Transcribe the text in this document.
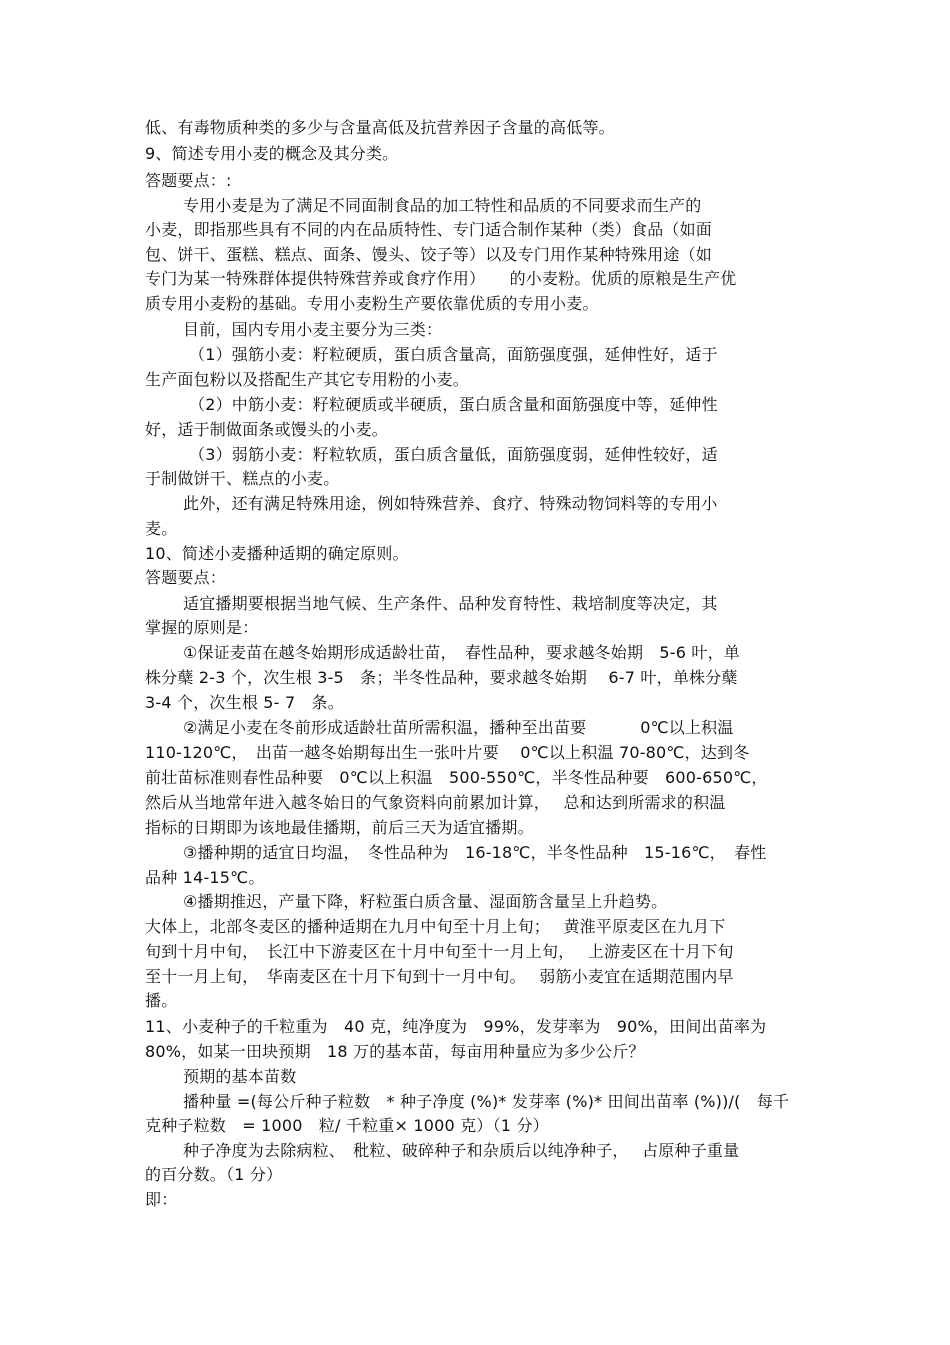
低、有毒物质种类的多少与含量高低及抗营养因子含量的高低等。
9、简述专用小麦的概念及其分类。
答题要点：:
专用小麦是为了满足不同面制食品的加工特性和品质的不同要求而生产的
小麦，即指那些具有不同的内在品质特性、专门适合制作某种（类）食品（如面
包、饼干、蛋糕、糕点、面条、馒头、饺子等）以及专门用作某种特殊用途（如
专门为某一特殊群体提供特殊营养或食疗作用）　　的小麦粉。优质的原粮是生产优
质专用小麦粉的基础。专用小麦粉生产要依靠优质的专用小麦。
目前，国内专用小麦主要分为三类：
（1）强筋小麦：籽粒硬质，蛋白质含量高，面筋强度强，延伸性好，适于
生产面包粉以及搭配生产其它专用粉的小麦。
（2）中筋小麦：籽粒硬质或半硬质，蛋白质含量和面筋强度中等，延伸性
好，适于制做面条或馒头的小麦。
（3）弱筋小麦：籽粒软质，蛋白质含量低，面筋强度弱，延伸性较好，适
于制做饼干、糕点的小麦。
此外，还有满足特殊用途，例如特殊营养、食疗、特殊动物饲料等的专用小
麦。
10、简述小麦播种适期的确定原则。
答题要点：
适宜播期要根据当地气候、生产条件、品种发育特性、栽培制度等决定，其
掌握的原则是：
①保证麦苗在越冬始期形成适龄壮苗，　春性品种，要求越冬始期　5-6 叶，单
株分蘖 2-3 个，次生根 3-5　条；半冬性品种，要求越冬始期　 6-7 叶，单株分蘖
3-4 个，次生根 5- 7　条。
②满足小麦在冬前形成适龄壮苗所需积温，播种至出苗要　　　 0℃以上积温
110-120℃，　出苗一越冬始期每出生一张叶片要　 0℃以上积温 70-80℃，达到冬
前壮苗标准则春性品种要　0℃以上积温　500-550℃，半冬性品种要　600-650℃，
然后从当地常年进入越冬始日的气象资料向前累加计算，　 总和达到所需求的积温
指标的日期即为该地最佳播期，前后三天为适宜播期。
③播种期的适宜日均温，　冬性品种为　16-18℃，半冬性品种　15-16℃，　春性
品种 14-15℃。
④播期推迟，产量下降，籽粒蛋白质含量、湿面筋含量呈上升趋势。
大体上，北部冬麦区的播种适期在九月中旬至十月上旬；　 黄淮平原麦区在九月下
旬到十月中旬，　长江中下游麦区在十月中旬至十一月上旬，　 上游麦区在十月下旬
至十一月上旬，　华南麦区在十月下旬到十一月中旬。　 弱筋小麦宜在适期范围内早
播。
11、小麦种子的千粒重为　40 克，纯净度为　99%，发芽率为　90%，田间出苗率为
80%，如某一田块预期　18 万的基本苗，每亩用种量应为多少公斤？
预期的基本苗数
播种量 =(每公斤种子粒数　* 种子净度 (%)* 发芽率 (%)* 田间出苗率 (%))/(　每千
克种子粒数　= 1000　粒/ 千粒重× 1000 克）（1 分）
种子净度为去除病粒、　秕粒、破碎种子和杂质后以纯净种子，　 占原种子重量
的百分数。（1 分）
即：
